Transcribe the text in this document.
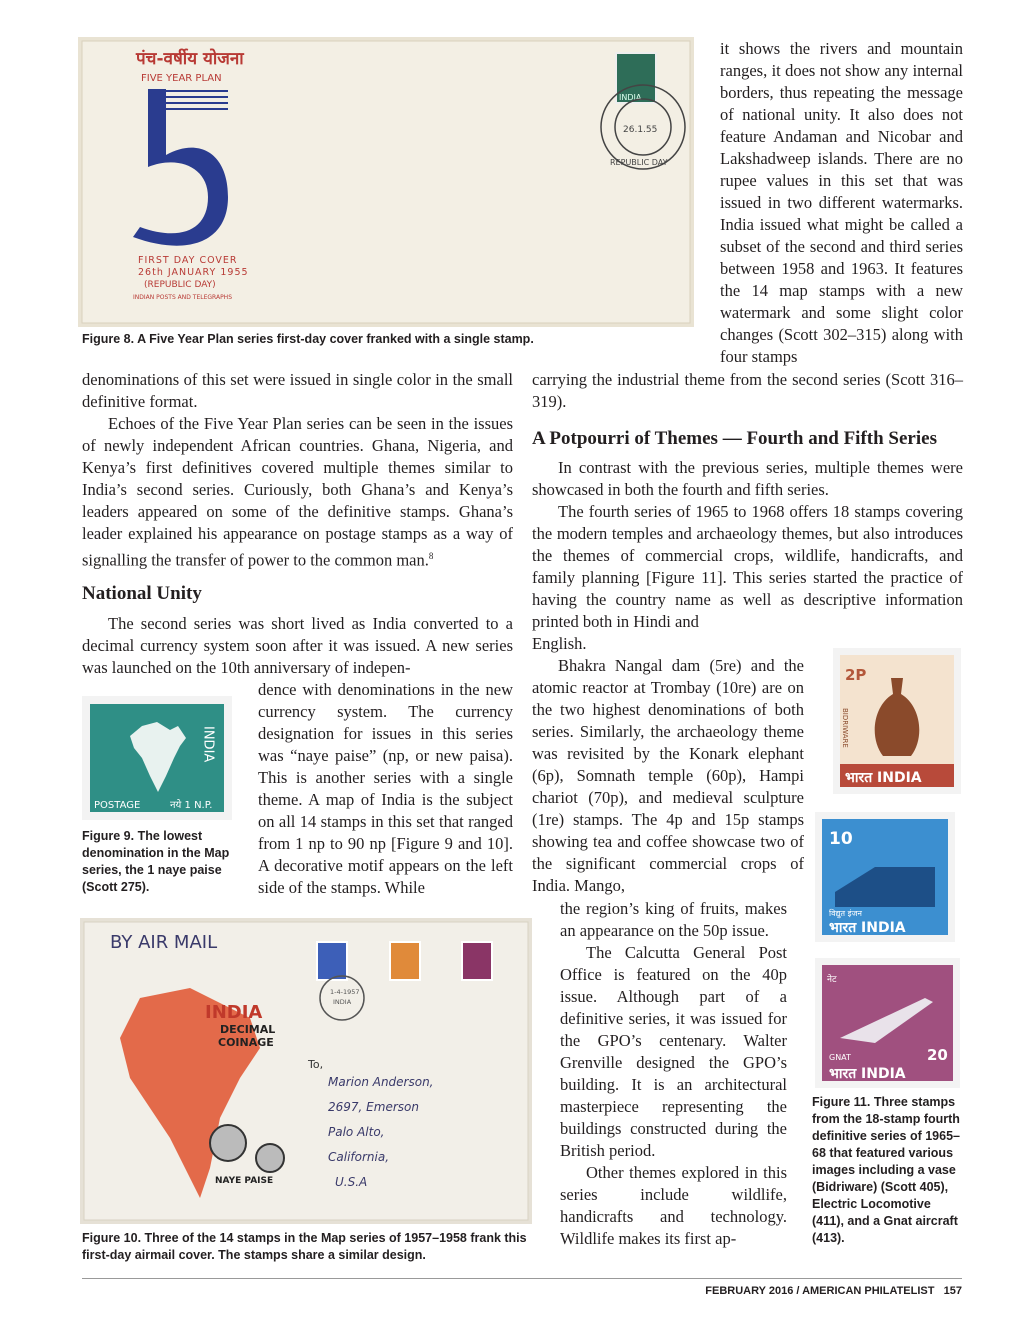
पंच-वर्षीय योजना
FIVE YEAR PLAN
FIRST DAY COVER
26th JANUARY 1955
(REPUBLIC DAY)
INDIAN POSTS AND TELEGRAPHS
INDIA
26.1.55
REPUBLIC DAY

Figure 8. A Five Year Plan series first-day cover franked with a single stamp.

it shows the rivers and mountain ranges, it does not show any internal borders, thus repeating the message of national unity. It also does not feature Andaman and Nicobar and Lakshadweep islands. There are no rupee values in this set that was issued in two different watermarks. India issued what might be called a subset of the second and third series between 1958 and 1963. It features the 14 map stamps with a new watermark and some slight color changes (Scott 302–315) along with four stamps

denominations of this set were issued in single color in the small definitive format.

Echoes of the Five Year Plan series can be seen in the issues of newly independent African countries. Ghana, Nigeria, and Kenya’s first definitives covered multiple themes similar to India’s second series. Curiously, both Ghana’s and Kenya’s leaders appeared on some of the definitive stamps. Ghana’s leader explained his appearance on postage stamps as a way of signalling the transfer of power to the common man.$^8$

National Unity

The second series was short lived as India converted to a decimal currency system soon after it was issued. A new series was launched on the 10th anniversary of indepen-

dence with denominations in the new currency system. The currency designation for issues in this series was “naye paise” (np, or new paisa). This is another series with a single theme. A map of India is the subject on all 14 stamps in this set that ranged from 1 np to 90 np [Figure 9 and 10]. A decorative motif appears on the left side of the stamps. While

POSTAGE	नये 1 N.P.
INDIA

Figure 9. The lowest denomination in the Map series, the 1 naye paise (Scott 275).

BY AIR MAIL
INDIA
DECIMAL
COINAGE
NAYE PAISE
1-4-1957
INDIA
To,
Marion Anderson,
2697, Emerson
Palo Alto,
California,
U.S.A

Figure 10. Three of the 14 stamps in the Map series of 1957–1958 frank this first-day airmail cover. The stamps share a similar design.

carrying the industrial theme from the second series (Scott 316–319).

A Potpourri of Themes — Fourth and Fifth Series

In contrast with the previous series, multiple themes were showcased in both the fourth and fifth series.

The fourth series of 1965 to 1968 offers 18 stamps covering the modern temples and archaeology themes, but also introduces the themes of commercial crops, wildlife, handicrafts, and family planning [Figure 11]. This series started the practice of having the country name as well as descriptive information printed both in Hindi and

English.

Bhakra Nangal dam (5re) and the atomic reactor at Trombay (10re) are on the two highest denominations of both series. Similarly, the archaeology theme was revisited by the Konark elephant (6p), Somnath temple (60p), Hampi chariot (70p), and medieval sculpture (1re) stamps. The 4p and 15p stamps showing tea and coffee showcase two of the significant commercial crops of India. Mango,

the region’s king of fruits, makes an appearance on the 50p issue.

The Calcutta General Post Office is featured on the 40p issue. Although part of a definitive series, it was issued for the GPO’s centenary. Walter Grenville designed the GPO’s building. It is an architectural masterpiece representing the buildings constructed during the British period.

Other themes explored in this series include wildlife, handicrafts and technology. Wildlife makes its first ap-

2P
BIDRIWARE
भारत INDIA
10
विद्युत इंजन
भारत INDIA
नेट
GNAT	20
भारत INDIA

Figure 11. Three stamps from the 18-stamp fourth definitive series of 1965–68 that featured various images including a vase (Bidriware) (Scott 405), Electric Locomotive (411), and a Gnat aircraft (413).

FEBRUARY 2016 / AMERICAN PHILATELIST   157
